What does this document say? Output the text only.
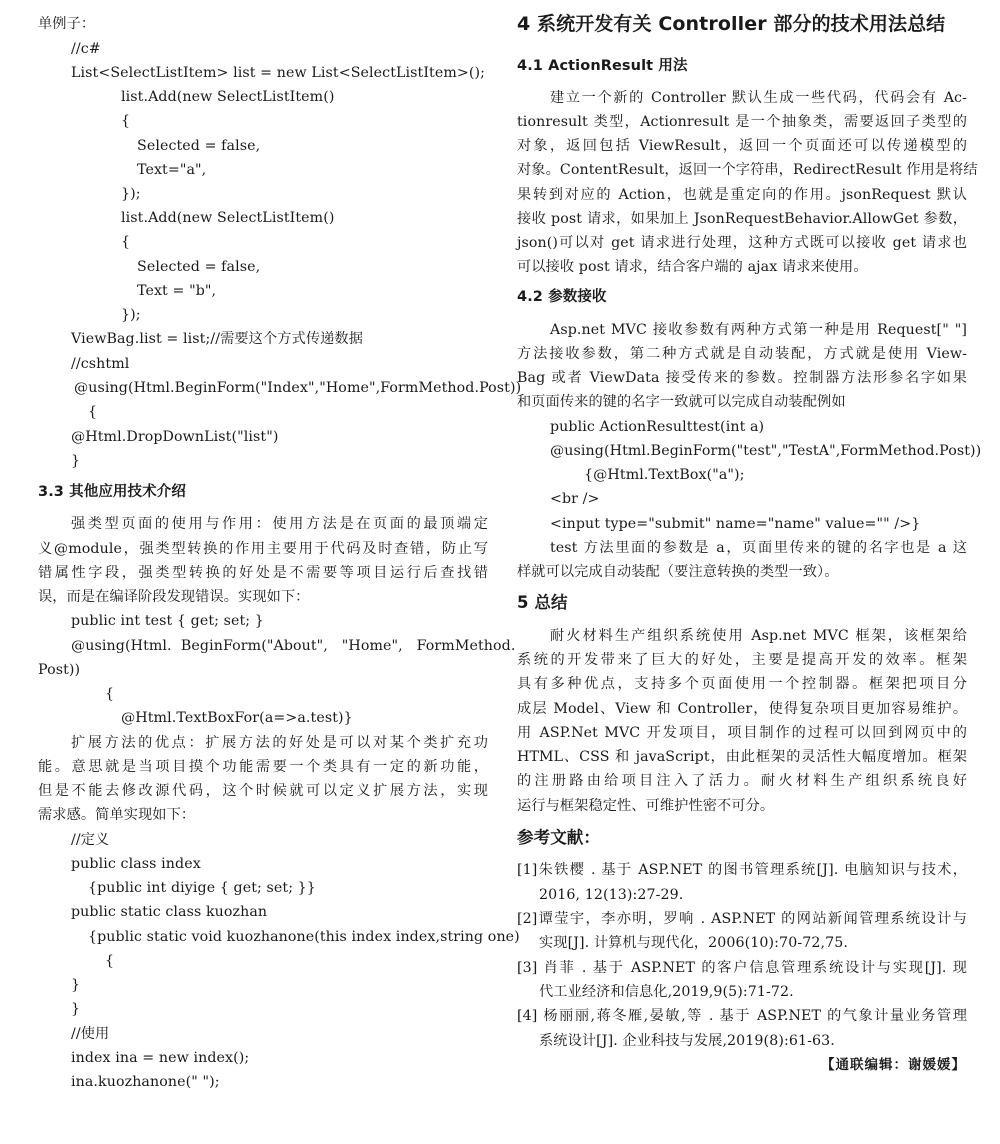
单例子：
//c#
List<SelectListItem> list = new List<SelectListItem>();
list.Add(new SelectListItem()
{
Selected = false,
Text="a",
});
list.Add(new SelectListItem()
{
Selected = false,
Text = "b",
});
ViewBag.list = list;//需要这个方式传递数据
//cshtml
@using(Html.BeginForm("Index","Home",FormMethod.Post))
{
@Html.DropDownList("list")
}
3.3 其他应用技术介绍
强类型页面的使用与作用：使用方法是在页面的最顶端定
义@module，强类型转换的作用主要用于代码及时查错，防止写
错属性字段，强类型转换的好处是不需要等项目运行后查找错
误，而是在编译阶段发现错误。实现如下：
public int test { get; set; }
@using(Html.  BeginForm("About",   "Home",   FormMethod.
Post))
{
@Html.TextBoxFor(a=>a.test)}
扩展方法的优点：扩展方法的好处是可以对某个类扩充功
能。意思就是当项目摸个功能需要一个类具有一定的新功能，
但是不能去修改源代码，这个时候就可以定义扩展方法，实现
需求感。简单实现如下：
//定义
public class index
{public int diyige { get; set; }}
public static class kuozhan
{public static void kuozhanone(this index index,string one)
{
}
}
//使用
index ina = new index();
ina.kuozhanone(" ");
4 系统开发有关 Controller 部分的技术用法总结
4.1 ActionResult 用法
建立一个新的 Controller 默认生成一些代码，代码会有 Ac-
tionresult 类型，Actionresult 是一个抽象类，需要返回子类型的
对象，返回包括 ViewResult，返回一个页面还可以传递模型的
对象。ContentResult，返回一个字符串，RedirectResult 作用是将结
果转到对应的 Action，也就是重定向的作用。jsonRequest 默认
接收 post 请求，如果加上 JsonRequestBehavior.AllowGet 参数，
json()可以对 get 请求进行处理，这种方式既可以接收 get 请求也
可以接收 post 请求，结合客户端的 ajax 请求来使用。
4.2 参数接收
Asp.net MVC 接收参数有两种方式第一种是用 Request[" "]
方法接收参数，第二种方式就是自动装配，方式就是使用 View-
Bag 或者 ViewData 接受传来的参数。控制器方法形参名字如果
和页面传来的键的名字一致就可以完成自动装配例如
public ActionResulttest(int a)
@using(Html.BeginForm("test","TestA",FormMethod.Post))
{@Html.TextBox("a");
<br />
<input type="submit" name="name" value="" />}
test 方法里面的参数是 a，页面里传来的键的名字也是 a 这
样就可以完成自动装配（要注意转换的类型一致）。
5 总结
耐火材料生产组织系统使用 Asp.net MVC 框架，该框架给
系统的开发带来了巨大的好处，主要是提高开发的效率。框架
具有多种优点，支持多个页面使用一个控制器。框架把项目分
成层 Model、View 和 Controller，使得复杂项目更加容易维护。
用 ASP.Net MVC 开发项目，项目制作的过程可以回到网页中的
HTML、CSS 和 javaScript，由此框架的灵活性大幅度增加。框架
的注册路由给项目注入了活力。耐火材料生产组织系统良好
运行与框架稳定性、可维护性密不可分。
参考文献：
[1]朱铁樱 . 基于 ASP.NET 的图书管理系统[J]. 电脑知识与技术，
2016, 12(13):27-29.
[2]谭莹宇，李亦明，罗响 . ASP.NET 的网站新闻管理系统设计与
实现[J]. 计算机与现代化，2006(10):70-72,75.
[3] 肖菲 . 基于 ASP.NET 的客户信息管理系统设计与实现[J]. 现
代工业经济和信息化,2019,9(5):71-72.
[4] 杨丽丽,蒋冬雁,晏敏,等 . 基于 ASP.NET 的气象计量业务管理
系统设计[J]. 企业科技与发展,2019(8):61-63.
【通联编辑：谢媛媛】
